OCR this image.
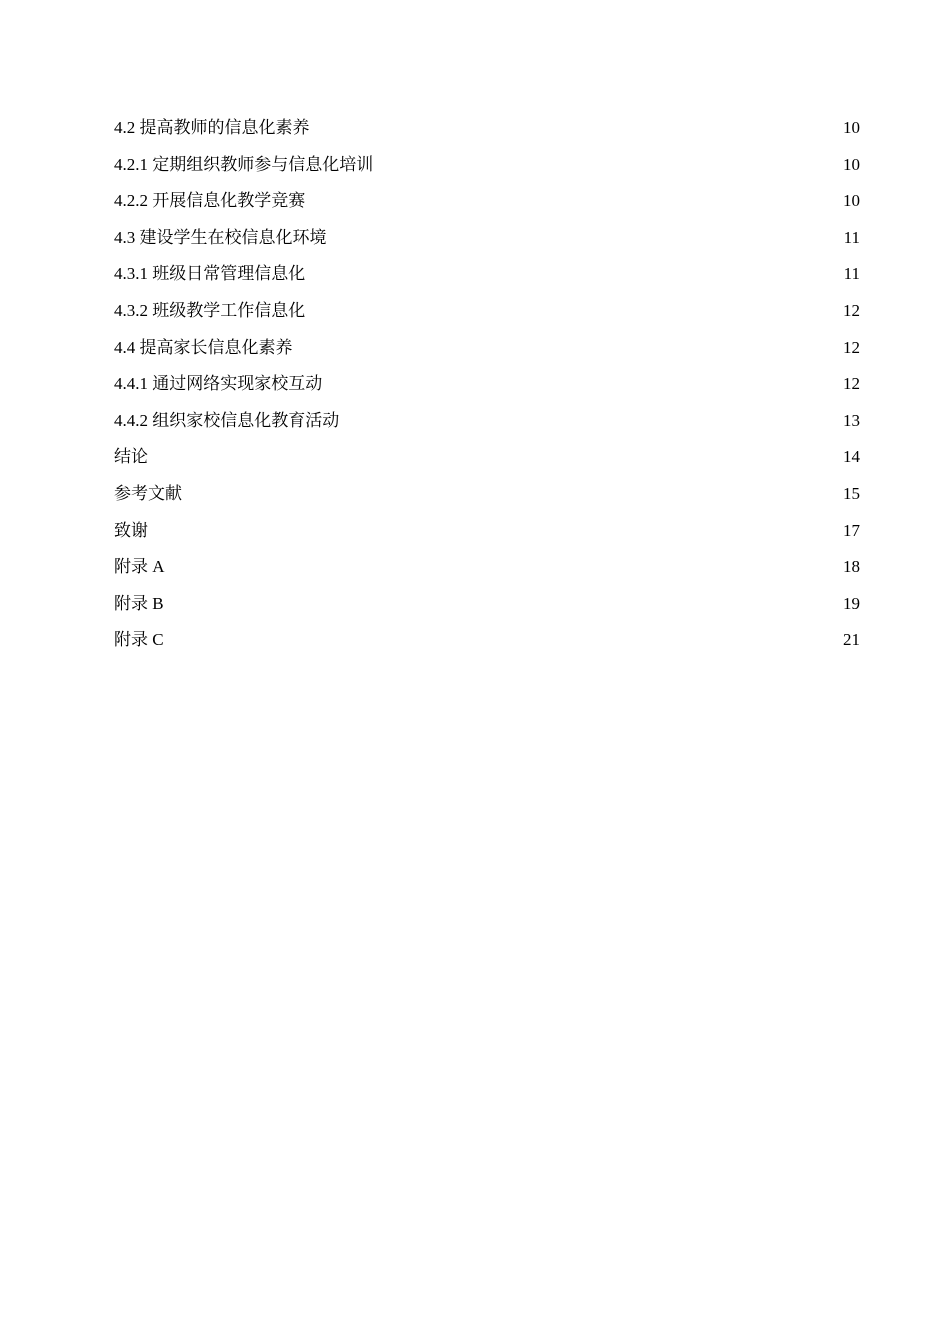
4.2 提高教师的信息化素养	10
4.2.1 定期组织教师参与信息化培训	10
4.2.2 开展信息化教学竞赛	10
4.3 建设学生在校信息化环境	11
4.3.1 班级日常管理信息化	11
4.3.2 班级教学工作信息化	12
4.4 提高家长信息化素养	12
4.4.1 通过网络实现家校互动	12
4.4.2 组织家校信息化教育活动	13
结论	14
参考文献	15
致谢	17
附录 A	18
附录 B	19
附录 C	21
